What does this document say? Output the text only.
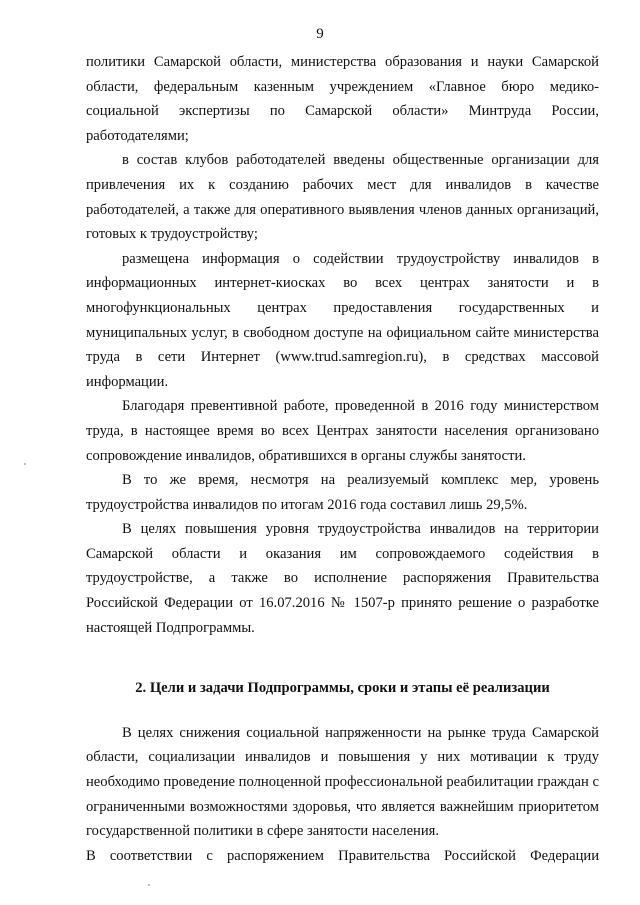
9

политики Самарской области, министерства образования и науки Самарской области, федеральным казенным учреждением «Главное бюро медико-социальной экспертизы по Самарской области» Минтруда России, работодателями;

в состав клубов работодателей введены общественные организации для привлечения их к созданию рабочих мест для инвалидов в качестве работодателей, а также для оперативного выявления членов данных организаций, готовых к трудоустройству;

размещена информация о содействии трудоустройству инвалидов в информационных интернет-киосках во всех центрах занятости и в многофункциональных центрах предоставления государственных и муниципальных услуг, в свободном доступе на официальном сайте министерства труда в сети Интернет (www.trud.samregion.ru), в средствах массовой информации.

Благодаря превентивной работе, проведенной в 2016 году министерством труда, в настоящее время во всех Центрах занятости населения организовано сопровождение инвалидов, обратившихся в органы службы занятости.

В то же время, несмотря на реализуемый комплекс мер, уровень трудоустройства инвалидов по итогам 2016 года составил лишь 29,5%.

В целях повышения уровня трудоустройства инвалидов на территории Самарской области и оказания им сопровождаемого содействия в трудоустройстве, а также во исполнение распоряжения Правительства Российской Федерации от 16.07.2016 № 1507-р принято решение о разработке настоящей Подпрограммы.

2. Цели и задачи Подпрограммы, сроки и этапы её реализации

В целях снижения социальной напряженности на рынке труда Самарской области, социализации инвалидов и повышения у них мотивации к труду необходимо проведение полноценной профессиональной реабилитации граждан с ограниченными возможностями здоровья, что является важнейшим приоритетом государственной политики в сфере занятости населения.

В соответствии с распоряжением Правительства Российской Федерации
